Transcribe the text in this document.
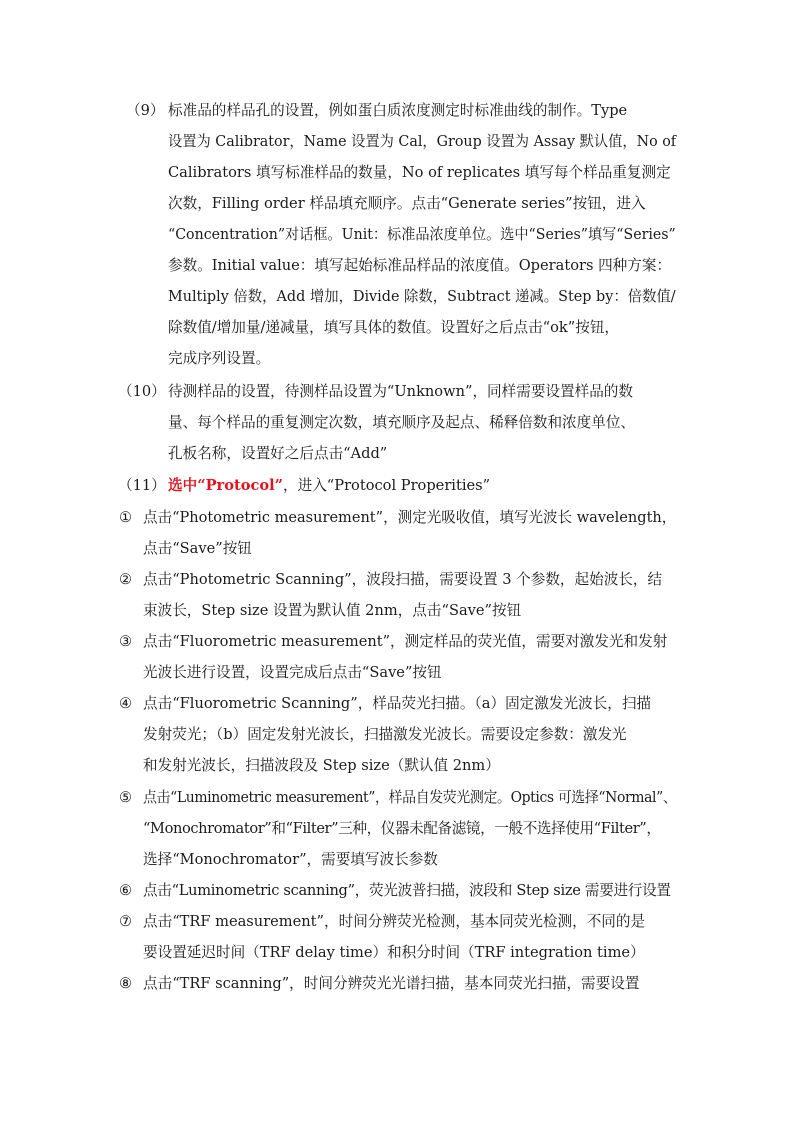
（9） 标准品的样品孔的设置，例如蛋白质浓度测定时标准曲线的制作。Type
设置为 Calibrator，Name 设置为 Cal，Group 设置为 Assay 默认值，No of
Calibrators 填写标准样品的数量，No of replicates 填写每个样品重复测定
次数，Filling order 样品填充顺序。点击“Generate series”按钮，进入
“Concentration”对话框。Unit：标准品浓度单位。选中“Series”填写“Series”
参数。Initial value：填写起始标准品样品的浓度值。Operators 四种方案：
Multiply 倍数，Add 增加，Divide 除数，Subtract 递减。Step by：倍数值/
除数值/增加量/递减量，填写具体的数值。设置好之后点击“ok”按钮，
完成序列设置。
（10） 待测样品的设置，待测样品设置为“Unknown”，同样需要设置样品的数
量、每个样品的重复测定次数，填充顺序及起点、稀释倍数和浓度单位、
孔板名称，设置好之后点击“Add”
（11） 选中“Protocol”，进入“Protocol Properities”
① 点击“Photometric measurement”，测定光吸收值，填写光波长 wavelength，
点击“Save”按钮
② 点击“Photometric Scanning”，波段扫描，需要设置 3 个参数，起始波长，结
束波长，Step size 设置为默认值 2nm，点击“Save”按钮
③ 点击“Fluorometric measurement”，测定样品的荧光值，需要对激发光和发射
光波长进行设置，设置完成后点击“Save”按钮
④ 点击“Fluorometric Scanning”，样品荧光扫描。（a）固定激发光波长，扫描
发射荧光；（b）固定发射光波长，扫描激发光波长。需要设定参数：激发光
和发射光波长，扫描波段及 Step size（默认值 2nm）
⑤ 点击“Luminometric measurement”，样品自发荧光测定。Optics 可选择“Normal”、
“Monochromator”和“Filter”三种，仪器未配备滤镜，一般不选择使用“Filter”，
选择“Monochromator”，需要填写波长参数
⑥ 点击“Luminometric scanning”，荧光波普扫描，波段和 Step size 需要进行设置
⑦ 点击“TRF measurement”，时间分辨荧光检测，基本同荧光检测，不同的是
要设置延迟时间（TRF delay time）和积分时间（TRF integration time）
⑧ 点击“TRF scanning”，时间分辨荧光光谱扫描，基本同荧光扫描，需要设置
